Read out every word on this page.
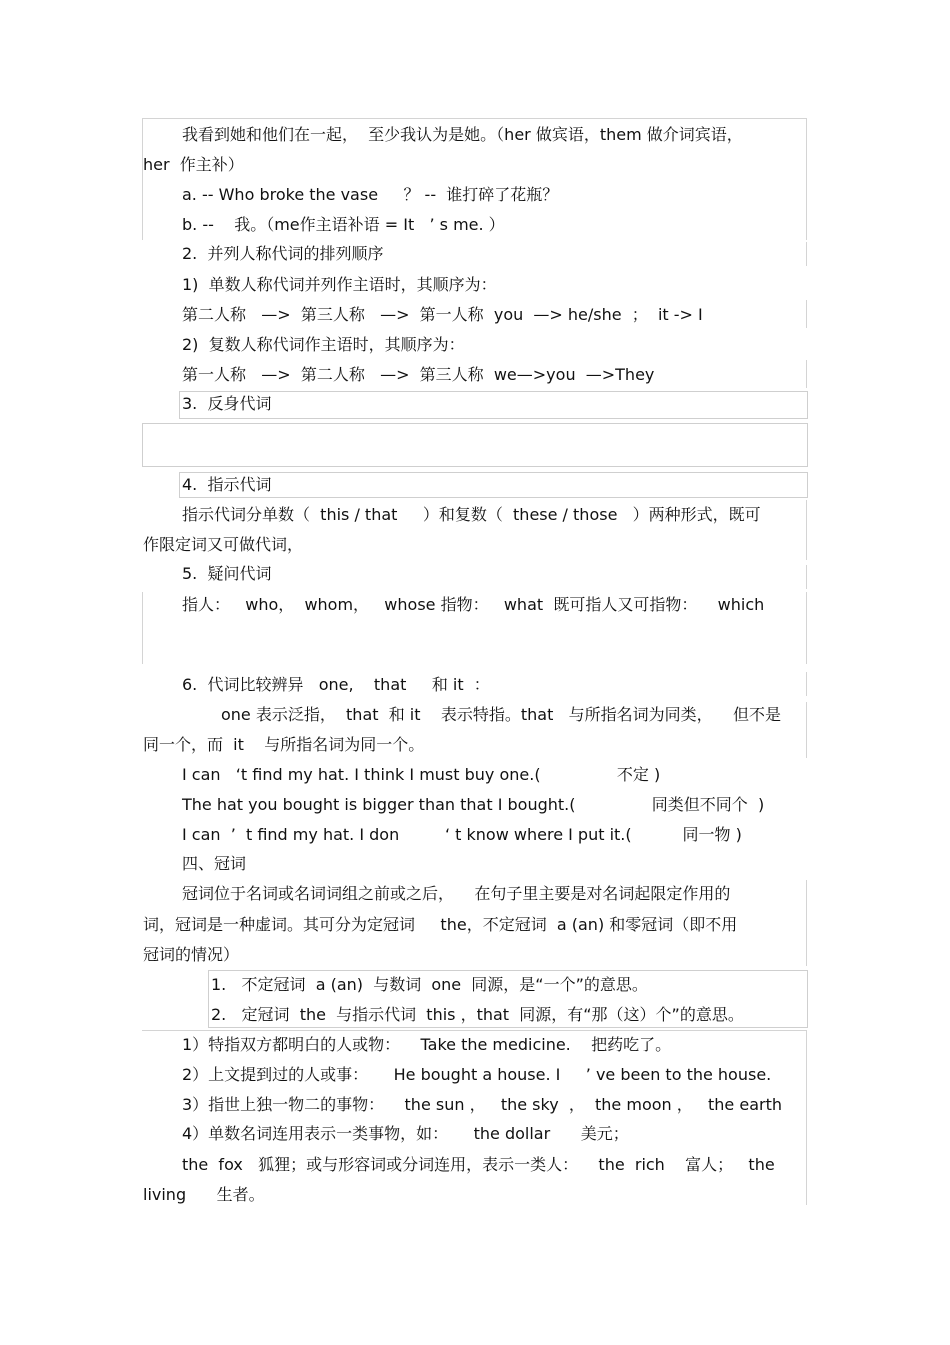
我看到她和他们在一起，  至少我认为是她。（her 做宾语，them 做介词宾语，
her  作主补）
a. -- Who broke the vase     ？ --  谁打碎了花瓶？
b. --    我。（me作主语补语 = It   ’ s me. ）
2.  并列人称代词的排列顺序
1)  单数人称代词并列作主语时，其顺序为：
第二人称   —>  第三人称   —>  第一人称  you  —> he/she  ；  it -> I
2)  复数人称代词作主语时，其顺序为：
第一人称   —>  第二人称   —>  第三人称  we—>you  —>They
3.  反身代词
4.  指示代词
指示代词分单数（  this / that     ）和复数（  these / those   ）两种形式，既可
作限定词又可做代词，
5.  疑问代词
指人：   who，  whom，   whose 指物：   what  既可指人又可指物：    which
6.  代词比较辨异   one,    that     和 it  ：
one 表示泛指，  that  和 it    表示特指。that   与所指名词为同类，    但不是
同一个，而  it    与所指名词为同一个。
I can   ‘t find my hat. I think I must buy one.(               不定 )
The hat you bought is bigger than that I bought.(               同类但不同个  )
I can  ’  t find my hat. I don         ‘ t know where I put it.(          同一物 )
四、冠词
冠词位于名词或名词词组之前或之后，    在句子里主要是对名词起限定作用的
词，冠词是一种虚词。其可分为定冠词     the，不定冠词  a (an) 和零冠词（即不用
冠词的情况）
1.   不定冠词  a (an)  与数词  one  同源，是“一个”的意思。
2.   定冠词  the  与指示代词  this ，that  同源，有“那（这）个”的意思。
1）特指双方都明白的人或物：    Take the medicine.    把药吃了。
2）上文提到过的人或事：     He bought a house. I     ’ ve been to the house.
3）指世上独一物二的事物：    the sun ，   the sky  ，  the moon ，   the earth
4）单数名词连用表示一类事物，如：     the dollar      美元；
the  fox   狐狸；或与形容词或分词连用，表示一类人：    the  rich    富人；   the
living      生者。
